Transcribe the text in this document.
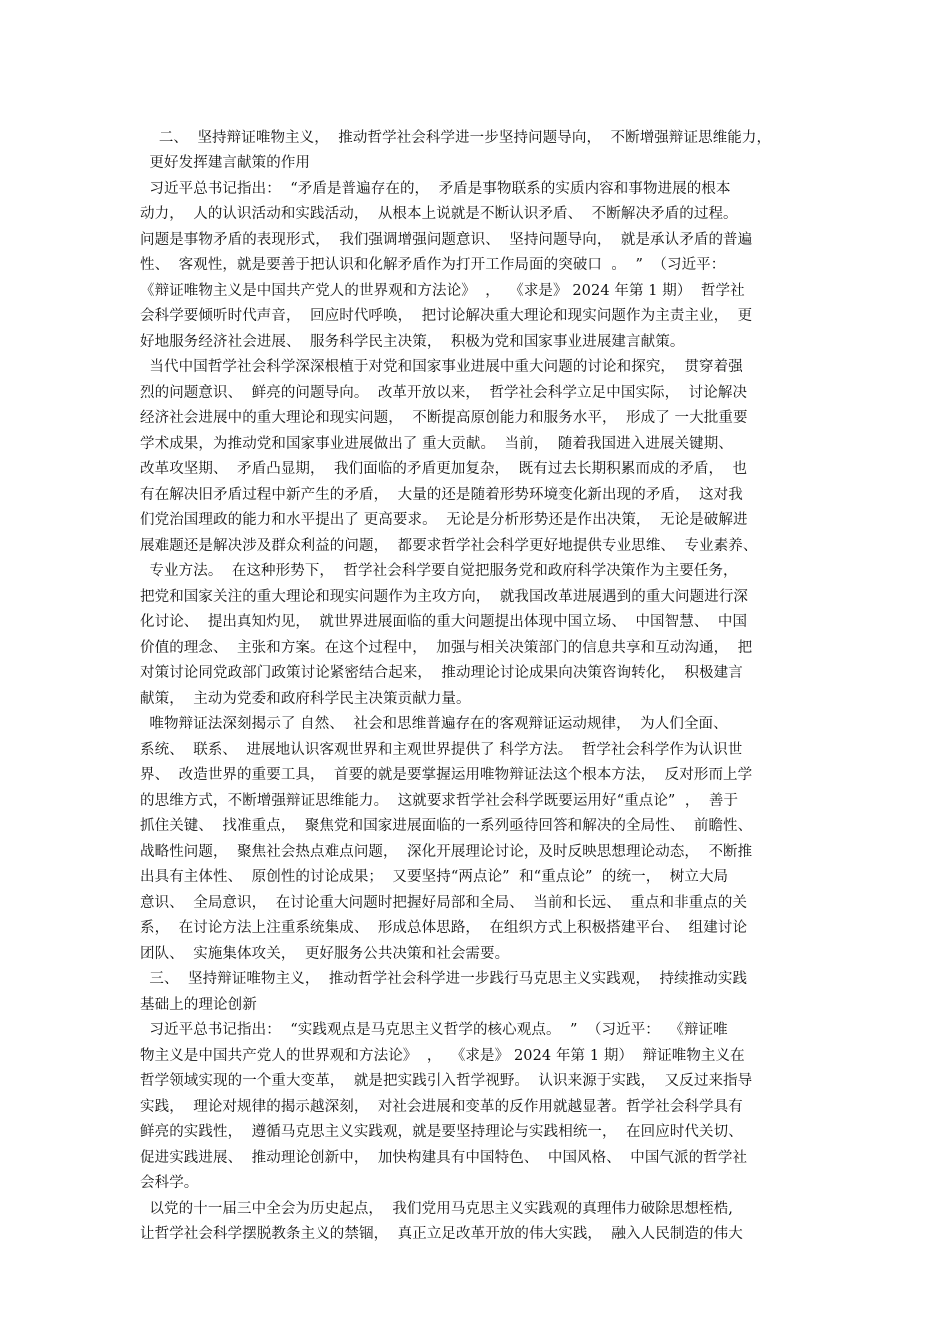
二、  坚持辩证唯物主义，  推动哲学社会科学进一步坚持问题导向，  不断增强辩证思维能力，
更好发挥建言献策的作用
习近平总书记指出：  “矛盾是普遍存在的，  矛盾是事物联系的实质内容和事物进展的根本
动力，  人的认识活动和实践活动，  从根本上说就是不断认识矛盾、  不断解决矛盾的过程。
问题是事物矛盾的表现形式，  我们强调增强问题意识、  坚持问题导向，  就是承认矛盾的普遍
性、  客观性，就是要善于把认识和化解矛盾作为打开工作局面的突破口  。  ”  （习近平：
《辩证唯物主义是中国共产党人的世界观和方法论》  ，  《求是》 2024 年第 1 期）  哲学社
会科学要倾听时代声音，  回应时代呼唤，  把讨论解决重大理论和现实问题作为主责主业，  更
好地服务经济社会进展、  服务科学民主决策，  积极为党和国家事业进展建言献策。
当代中国哲学社会科学深深根植于对党和国家事业进展中重大问题的讨论和探究，  贯穿着强
烈的问题意识、  鲜亮的问题导向。  改革开放以来，  哲学社会科学立足中国实际，  讨论解决
经济社会进展中的重大理论和现实问题，  不断提高原创能力和服务水平，  形成了 一大批重要
学术成果，为推动党和国家事业进展做出了 重大贡献。  当前，  随着我国进入进展关键期、
改革攻坚期、  矛盾凸显期，  我们面临的矛盾更加复杂，  既有过去长期积累而成的矛盾，  也
有在解决旧矛盾过程中新产生的矛盾，  大量的还是随着形势环境变化新出现的矛盾，  这对我
们党治国理政的能力和水平提出了 更高要求。  无论是分析形势还是作出决策，  无论是破解进
展难题还是解决涉及群众利益的问题，  都要求哲学社会科学更好地提供专业思维、  专业素养、
专业方法。  在这种形势下，  哲学社会科学要自觉把服务党和政府科学决策作为主要任务，
把党和国家关注的重大理论和现实问题作为主攻方向，  就我国改革进展遇到的重大问题进行深
化讨论、  提出真知灼见，  就世界进展面临的重大问题提出体现中国立场、  中国智慧、  中国
价值的理念、  主张和方案。在这个过程中，  加强与相关决策部门的信息共享和互动沟通，  把
对策讨论同党政部门政策讨论紧密结合起来，  推动理论讨论成果向决策咨询转化，  积极建言
献策，  主动为党委和政府科学民主决策贡献力量。
唯物辩证法深刻揭示了 自然、  社会和思维普遍存在的客观辩证运动规律，  为人们全面、
系统、  联系、  进展地认识客观世界和主观世界提供了 科学方法。  哲学社会科学作为认识世
界、  改造世界的重要工具，  首要的就是要掌握运用唯物辩证法这个根本方法，  反对形而上学
的思维方式，不断增强辩证思维能力。  这就要求哲学社会科学既要运用好“重点论”  ，  善于
抓住关键、  找准重点，  聚焦党和国家进展面临的一系列亟待回答和解决的全局性、  前瞻性、
战略性问题，  聚焦社会热点难点问题，  深化开展理论讨论，及时反映思想理论动态，  不断推
出具有主体性、  原创性的讨论成果；  又要坚持“两点论”  和“重点论”  的统一，  树立大局
意识、  全局意识，  在讨论重大问题时把握好局部和全局、  当前和长远、  重点和非重点的关
系，  在讨论方法上注重系统集成、  形成总体思路，  在组织方式上积极搭建平台、  组建讨论
团队、  实施集体攻关，  更好服务公共决策和社会需要。
三、  坚持辩证唯物主义，  推动哲学社会科学进一步践行马克思主义实践观，  持续推动实践
基础上的理论创新
习近平总书记指出：  “实践观点是马克思主义哲学的核心观点。  ”  （习近平：  《辩证唯
物主义是中国共产党人的世界观和方法论》  ，  《求是》 2024 年第 1 期）  辩证唯物主义在
哲学领域实现的一个重大变革，  就是把实践引入哲学视野。  认识来源于实践，  又反过来指导
实践，  理论对规律的揭示越深刻，  对社会进展和变革的反作用就越显著。哲学社会科学具有
鲜亮的实践性，  遵循马克思主义实践观，就是要坚持理论与实践相统一，  在回应时代关切、
促进实践进展、  推动理论创新中，  加快构建具有中国特色、  中国风格、  中国气派的哲学社
会科学。
以党的十一届三中全会为历史起点，  我们党用马克思主义实践观的真理伟力破除思想桎梏,
让哲学社会科学摆脱教条主义的禁锢，  真正立足改革开放的伟大实践，  融入人民制造的伟大
